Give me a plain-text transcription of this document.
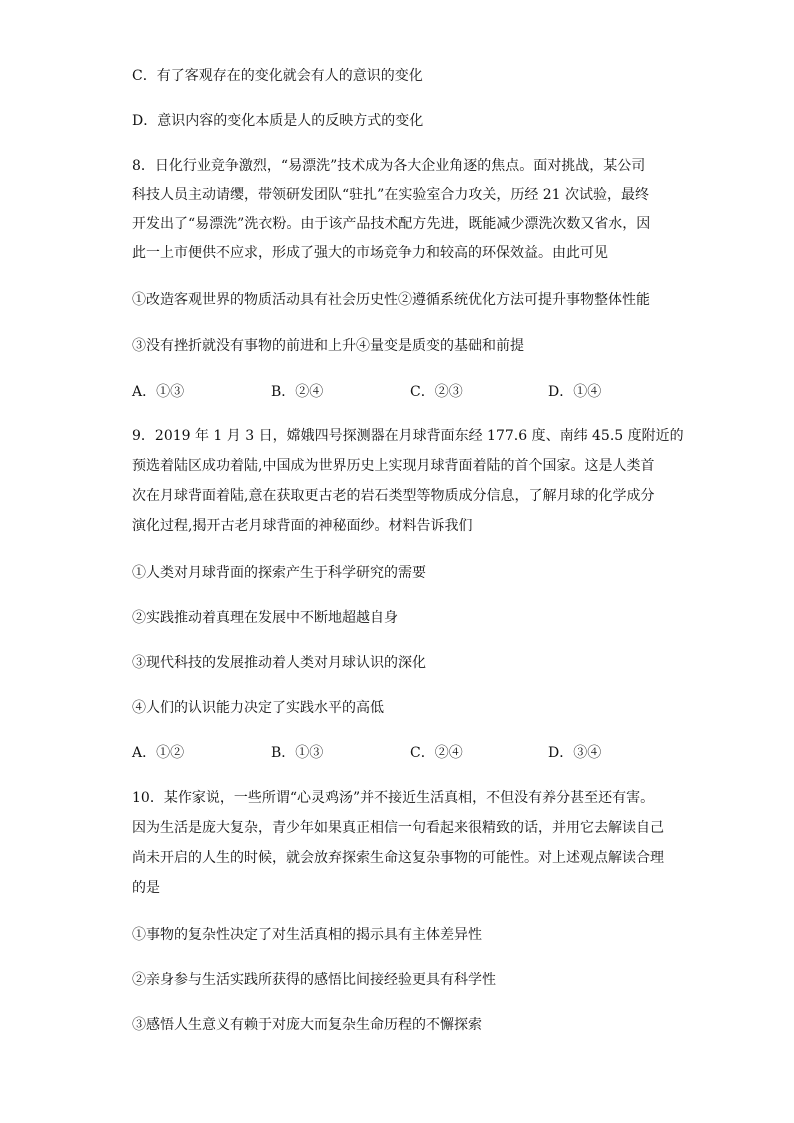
C．有了客观存在的变化就会有人的意识的变化
D．意识内容的变化本质是人的反映方式的变化
8．日化行业竞争激烈，“易漂洗”技术成为各大企业角逐的焦点。面对挑战，某公司
科技人员主动请缨，带领研发团队“驻扎”在实验室合力攻关，历经 21 次试验，最终
开发出了“易漂洗”洗衣粉。由于该产品技术配方先进，既能减少漂洗次数又省水，因
此一上市便供不应求，形成了强大的市场竞争力和较高的环保效益。由此可见
①改造客观世界的物质活动具有社会历史性②遵循系统优化方法可提升事物整体性能
③没有挫折就没有事物的前进和上升④量变是质变的基础和前提
A．①③	B．②④	C．②③	D．①④
9．2019 年 1 月 3 日，嫦娥四号探测器在月球背面东经 177.6 度、南纬 45.5 度附近的
预选着陆区成功着陆,中国成为世界历史上实现月球背面着陆的首个国家。这是人类首
次在月球背面着陆,意在获取更古老的岩石类型等物质成分信息，了解月球的化学成分
演化过程,揭开古老月球背面的神秘面纱。材料告诉我们
①人类对月球背面的探索产生于科学研究的需要
②实践推动着真理在发展中不断地超越自身
③现代科技的发展推动着人类对月球认识的深化
④人们的认识能力决定了实践水平的高低
A．①②	B．①③	C．②④	D．③④
10．某作家说，一些所谓“心灵鸡汤”并不接近生活真相，不但没有养分甚至还有害。
因为生活是庞大复杂，青少年如果真正相信一句看起来很精致的话，并用它去解读自己
尚未开启的人生的时候，就会放弃探索生命这复杂事物的可能性。对上述观点解读合理
的是
①事物的复杂性决定了对生活真相的揭示具有主体差异性
②亲身参与生活实践所获得的感悟比间接经验更具有科学性
③感悟人生意义有赖于对庞大而复杂生命历程的不懈探索
